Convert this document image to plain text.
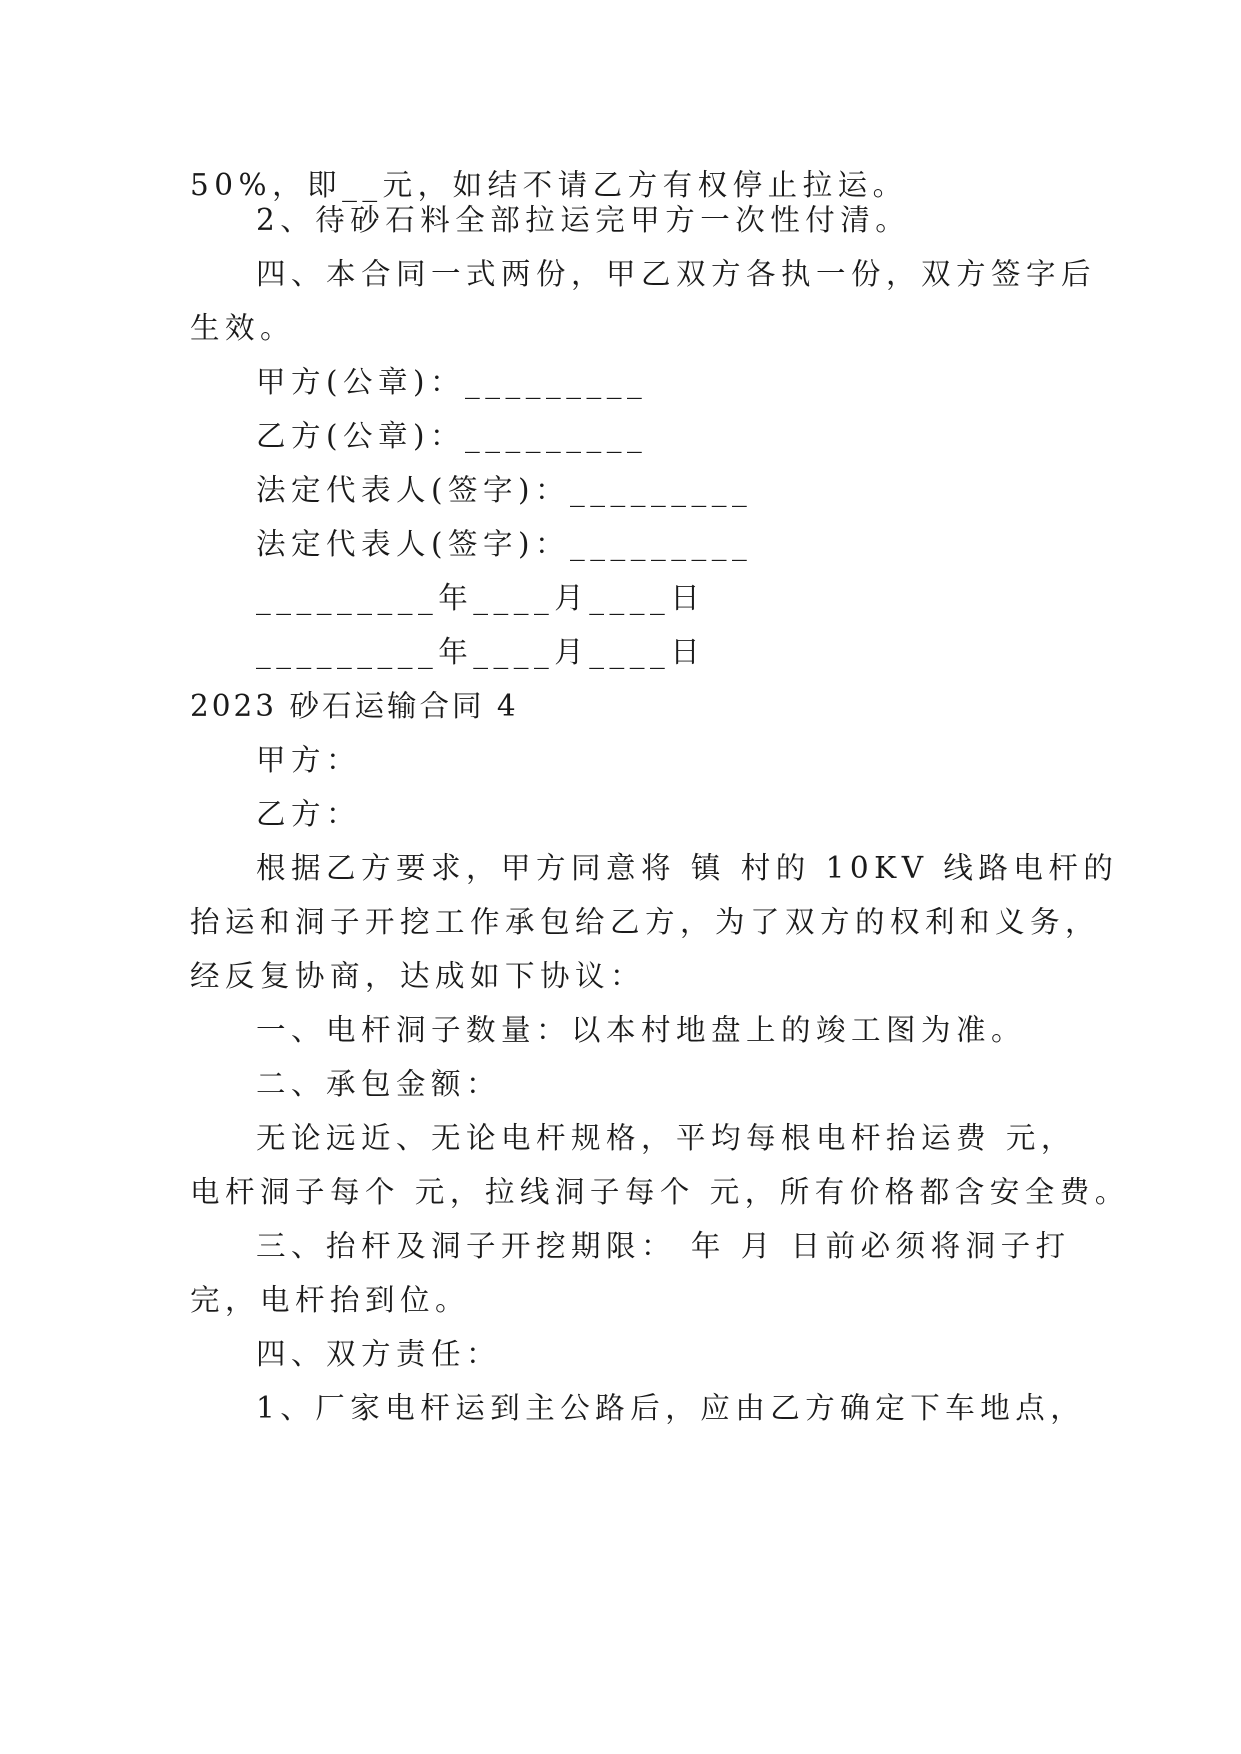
50%，即__元，如结不请乙方有权停止拉运。
2、待砂石料全部拉运完甲方一次性付清。
四、本合同一式两份，甲乙双方各执一份，双方签字后
生效。
甲方(公章)：_________
乙方(公章)：_________
法定代表人(签字)：_________
法定代表人(签字)：_________
_________年____月____日
_________年____月____日
2023 砂石运输合同 4
甲方：
乙方：
根据乙方要求，甲方同意将 镇 村的 10KV 线路电杆的
抬运和洞子开挖工作承包给乙方，为了双方的权利和义务，
经反复协商，达成如下协议：
一、电杆洞子数量：以本村地盘上的竣工图为准。
二、承包金额：
无论远近、无论电杆规格，平均每根电杆抬运费 元，
电杆洞子每个 元，拉线洞子每个 元，所有价格都含安全费。
三、抬杆及洞子开挖期限： 年 月 日前必须将洞子打
完，电杆抬到位。
四、双方责任：
1、厂家电杆运到主公路后，应由乙方确定下车地点，
